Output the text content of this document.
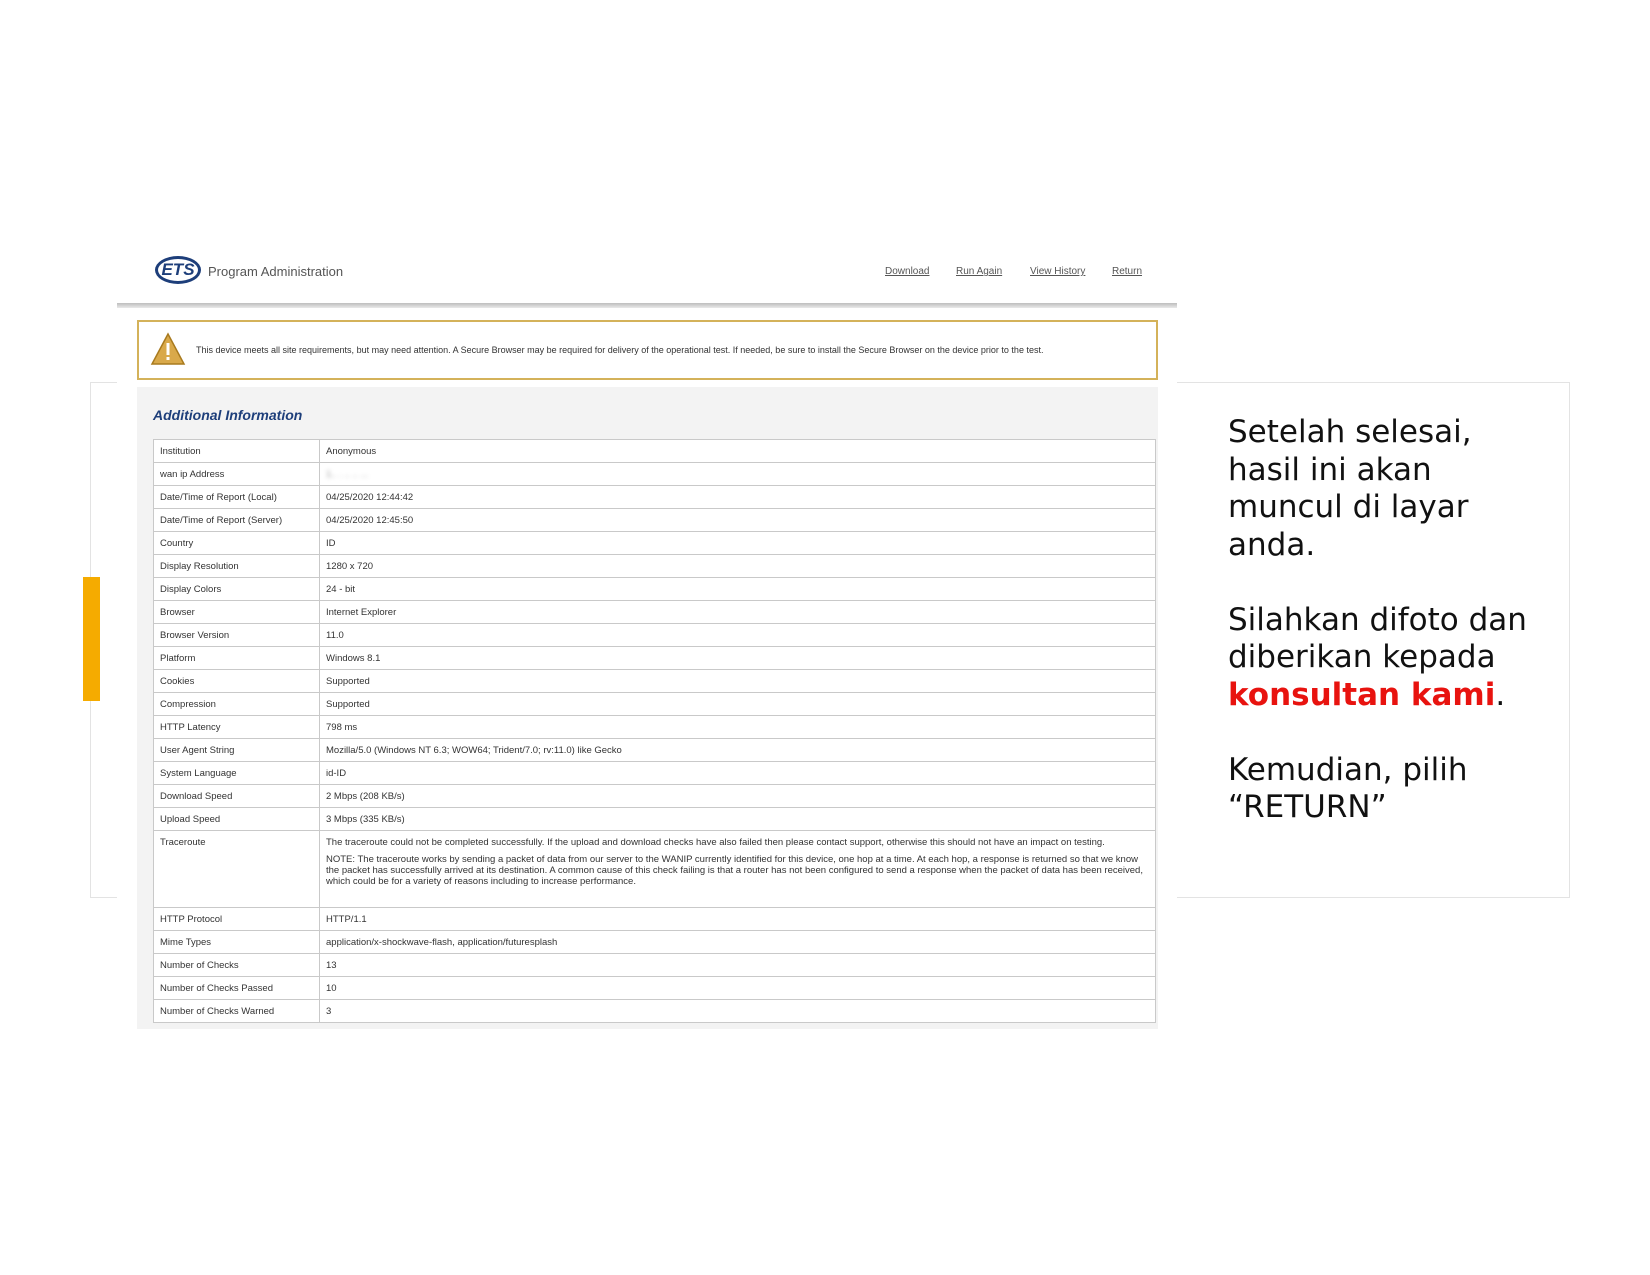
ETS	Program Administration	Download	Run Again	View History	Return
This device meets all site requirements, but may need attention. A Secure Browser may be required for delivery of the operational test. If needed, be sure to install the Secure Browser on the device prior to the test.
Additional Information
Institution	Anonymous
wan ip Address	1.. . .. .. ...
Date/Time of Report (Local)	04/25/2020 12:44:42
Date/Time of Report (Server)	04/25/2020 12:45:50
Country	ID
Display Resolution	1280 x 720
Display Colors	24 - bit
Browser	Internet Explorer
Browser Version	11.0
Platform	Windows 8.1
Cookies	Supported
Compression	Supported
HTTP Latency	798 ms
User Agent String	Mozilla/5.0 (Windows NT 6.3; WOW64; Trident/7.0; rv:11.0) like Gecko
System Language	id-ID
Download Speed	2 Mbps (208 KB/s)
Upload Speed	3 Mbps (335 KB/s)
Traceroute	The traceroute could not be completed successfully. If the upload and download checks have also failed then please contact support, otherwise this should not have an impact on testing.
NOTE: The traceroute works by sending a packet of data from our server to the WANIP currently identified for this device, one hop at a time. At each hop, a response is returned so that we know the packet has successfully arrived at its destination. A common cause of this check failing is that a router has not been configured to send a response when the packet of data has been received, which could be for a variety of reasons including to increase performance.

HTTP Protocol	HTTP/1.1
Mime Types	application/x-shockwave-flash, application/futuresplash
Number of Checks	13
Number of Checks Passed	10
Number of Checks Warned	3

Setelah selesai, hasil ini akan muncul di layar anda.

Silahkan difoto dan diberikan kepada
konsultan kami.

Kemudian, pilih “RETURN”
